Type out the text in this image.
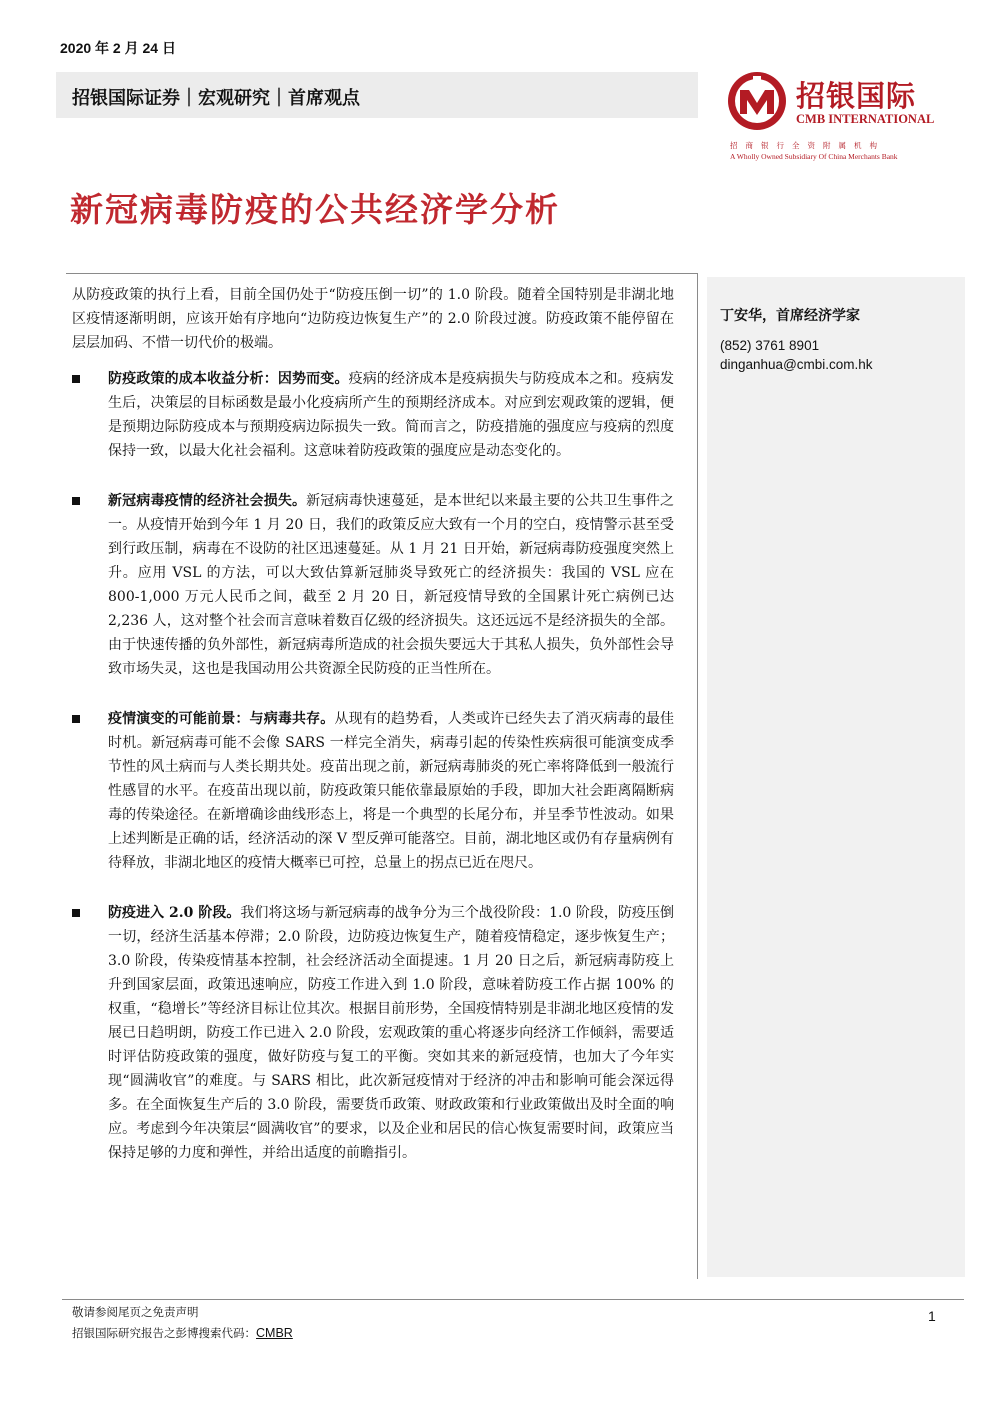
2020 年 2 月 24 日
招银国际证券｜宏观研究｜首席观点	招银国际
CMB INTERNATIONAL
招商银行全资附属机构
A Wholly Owned Subsidiary Of China Merchants Bank
新冠病毒防疫的公共经济学分析
丁安华，首席经济学家
(852) 3761 8901
dinganhua@cmbi.com.hk

从防疫政策的执行上看，目前全国仍处于“防疫压倒一切”的 1.0 阶段。随着全国特别是非湖北地区疫情逐渐明朗，应该开始有序地向“边防疫边恢复生产”的 2.0 阶段过渡。防疫政策不能停留在层层加码、不惜一切代价的极端。

防疫政策的成本收益分析：因势而变。疫病的经济成本是疫病损失与防疫成本之和。疫病发生后，决策层的目标函数是最小化疫病所产生的预期经济成本。对应到宏观政策的逻辑，便是预期边际防疫成本与预期疫病边际损失一致。简而言之，防疫措施的强度应与疫病的烈度保持一致，以最大化社会福利。这意味着防疫政策的强度应是动态变化的。

新冠病毒疫情的经济社会损失。新冠病毒快速蔓延，是本世纪以来最主要的公共卫生事件之一。从疫情开始到今年 1 月 20 日，我们的政策反应大致有一个月的空白，疫情警示甚至受到行政压制，病毒在不设防的社区迅速蔓延。从 1 月 21 日开始，新冠病毒防疫强度突然上升。应用 VSL 的方法，可以大致估算新冠肺炎导致死亡的经济损失：我国的 VSL 应在 800-1,000 万元人民币之间，截至 2 月 20 日，新冠疫情导致的全国累计死亡病例已达 2,236 人，这对整个社会而言意味着数百亿级的经济损失。这还远远不是经济损失的全部。由于快速传播的负外部性，新冠病毒所造成的社会损失要远大于其私人损失，负外部性会导致市场失灵，这也是我国动用公共资源全民防疫的正当性所在。

疫情演变的可能前景：与病毒共存。从现有的趋势看，人类或许已经失去了消灭病毒的最佳时机。新冠病毒可能不会像 SARS 一样完全消失，病毒引起的传染性疾病很可能演变成季节性的风土病而与人类长期共处。疫苗出现之前，新冠病毒肺炎的死亡率将降低到一般流行性感冒的水平。在疫苗出现以前，防疫政策只能依靠最原始的手段，即加大社会距离隔断病毒的传染途径。在新增确诊曲线形态上，将是一个典型的长尾分布，并呈季节性波动。如果上述判断是正确的话，经济活动的深 V 型反弹可能落空。目前，湖北地区或仍有存量病例有待释放，非湖北地区的疫情大概率已可控，总量上的拐点已近在咫尺。

防疫进入 2.0 阶段。我们将这场与新冠病毒的战争分为三个战役阶段：1.0 阶段，防疫压倒一切，经济生活基本停滞；2.0 阶段，边防疫边恢复生产，随着疫情稳定，逐步恢复生产；3.0 阶段，传染疫情基本控制，社会经济活动全面提速。1 月 20 日之后，新冠病毒防疫上升到国家层面，政策迅速响应，防疫工作进入到 1.0 阶段，意味着防疫工作占据 100% 的权重，“稳增长”等经济目标让位其次。根据目前形势，全国疫情特别是非湖北地区疫情的发展已日趋明朗，防疫工作已进入 2.0 阶段，宏观政策的重心将逐步向经济工作倾斜，需要适时评估防疫政策的强度，做好防疫与复工的平衡。突如其来的新冠疫情，也加大了今年实现“圆满收官”的难度。与 SARS 相比，此次新冠疫情对于经济的冲击和影响可能会深远得多。在全面恢复生产后的 3.0 阶段，需要货币政策、财政政策和行业政策做出及时全面的响应。考虑到今年决策层“圆满收官”的要求，以及企业和居民的信心恢复需要时间，政策应当保持足够的力度和弹性，并给出适度的前瞻指引。

敬请参阅尾页之免责声明
招银国际研究报告之彭博搜索代码：CMBR
1
